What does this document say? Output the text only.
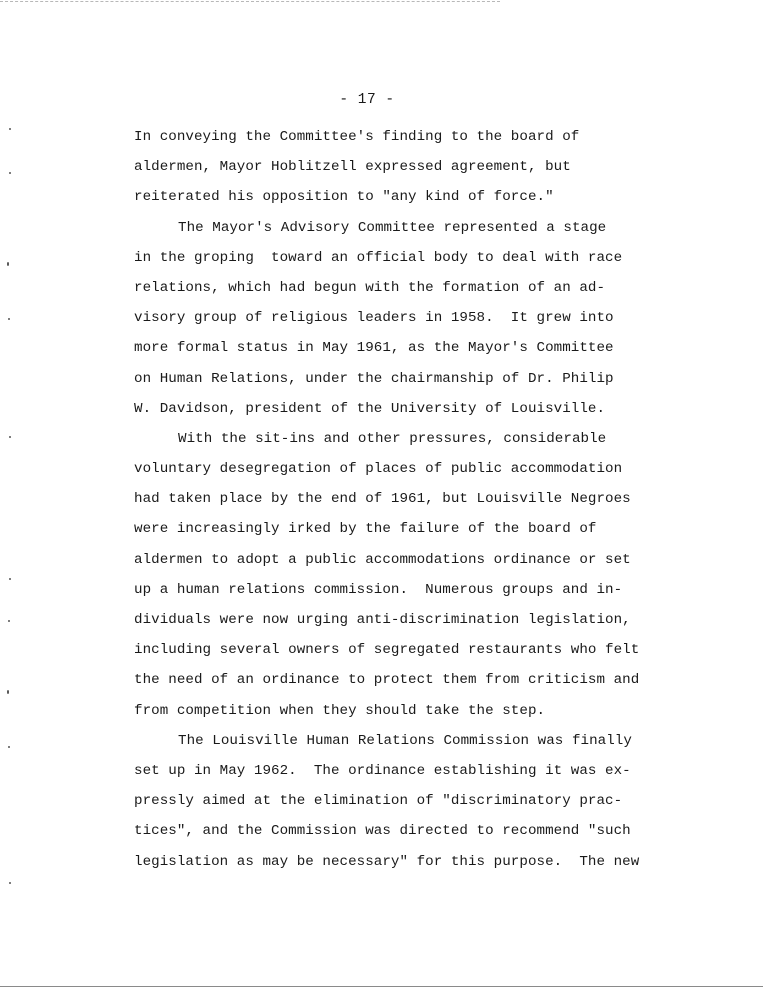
- 17 -
In conveying the Committee's finding to the board of
aldermen, Mayor Hoblitzell expressed agreement, but
reiterated his opposition to "any kind of force."
The Mayor's Advisory Committee represented a stage
in the groping  toward an official body to deal with race
relations, which had begun with the formation of an ad-
visory group of religious leaders in 1958.  It grew into
more formal status in May 1961, as the Mayor's Committee
on Human Relations, under the chairmanship of Dr. Philip
W. Davidson, president of the University of Louisville.
With the sit-ins and other pressures, considerable
voluntary desegregation of places of public accommodation
had taken place by the end of 1961, but Louisville Negroes
were increasingly irked by the failure of the board of
aldermen to adopt a public accommodations ordinance or set
up a human relations commission.  Numerous groups and in-
dividuals were now urging anti-discrimination legislation,
including several owners of segregated restaurants who felt
the need of an ordinance to protect them from criticism and
from competition when they should take the step.
The Louisville Human Relations Commission was finally
set up in May 1962.  The ordinance establishing it was ex-
pressly aimed at the elimination of "discriminatory prac-
tices", and the Commission was directed to recommend "such
legislation as may be necessary" for this purpose.  The new
